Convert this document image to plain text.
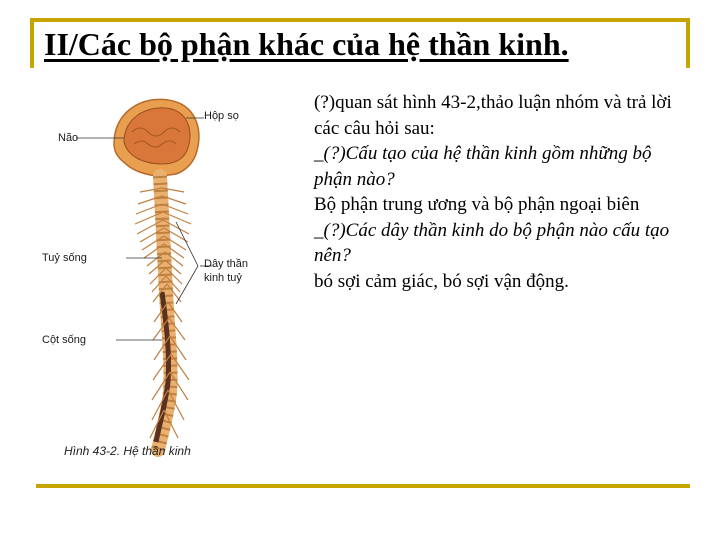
II/Các bộ phận khác của hệ thần kinh.
Hộp sọ
Não
Tuỷ sống	Dây thần
kinh tuỷ
Cột sống
Hình 43-2. Hệ thần kinh

(?)quan sát hình 43-2,thảo luận nhóm và trả lời các câu hỏi sau:

_(?)Cấu tạo của hệ thần kinh gồm những bộ phận nào?

Bộ phận trung ương và bộ phận ngoại biên

_(?)Các dây thần kinh do bộ phận nào cấu tạo nên?

bó sợi cảm giác, bó sợi vận động.
